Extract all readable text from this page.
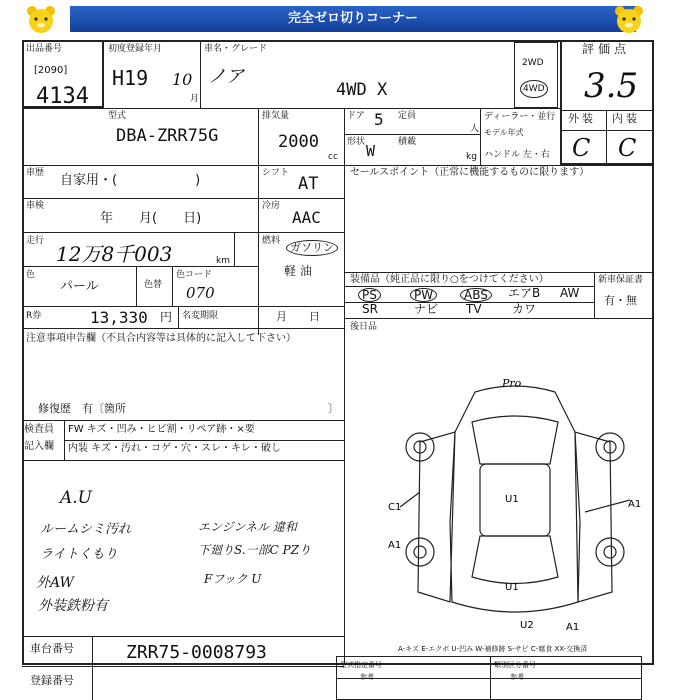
完全ゼロ切りコーナー
出品番号
[2090]
4134
初度登録年月
H19 10
月
車名・グレード
ノア
4WD X
2WD
4WD
評価点
3.5
外装 内装
C C
型式
DBA-ZRR75G
排気量
2000
cc
ドア 5 定員
人
形状 W	積載
kg
ディーラー・並行
モデル年式
ハンドル 左・右
車歴 自家用・(　　　　　　)	シフト
AT
セールスポイント（正常に機能するものに限ります）
車検
年　　月(　　日)
冷房
AAC
走行
12万8千003	km
燃料 ガソリン
軽油
色
パール	色替
色コード
070
装備品（純正品に限り○をつけてください）	新車保証書
有・無
PS	PW	ABS	エアB AW
SR	ナビ TV	カワ
後日品
R券	13,330 円 名変期限	月　　日
注意事項申告欄（不具合内容等は具体的に記入して下さい）
修復歴　有〔箇所	〕
検査員
記入欄
FW キズ・凹み・ヒビ割・リペア跡・×要
内装 キズ・汚れ・コゲ・穴・スレ・キレ・破し
A.U
ルームシミ汚れ
ライトくもり
外AW
外装鉄粉有
エンジンネル 違和
下廻りS.一部C PZり
Fフック U
Pro
C1
A1
A1
U1
U1
U2	A1
A-キズ E-エクボ U-凹み W-補修跡 S-サビ C-腐食 XX-交換済
車台番号	ZRR75-0008793
登録番号
型式指定番号	類別区分番号
参考	参考
